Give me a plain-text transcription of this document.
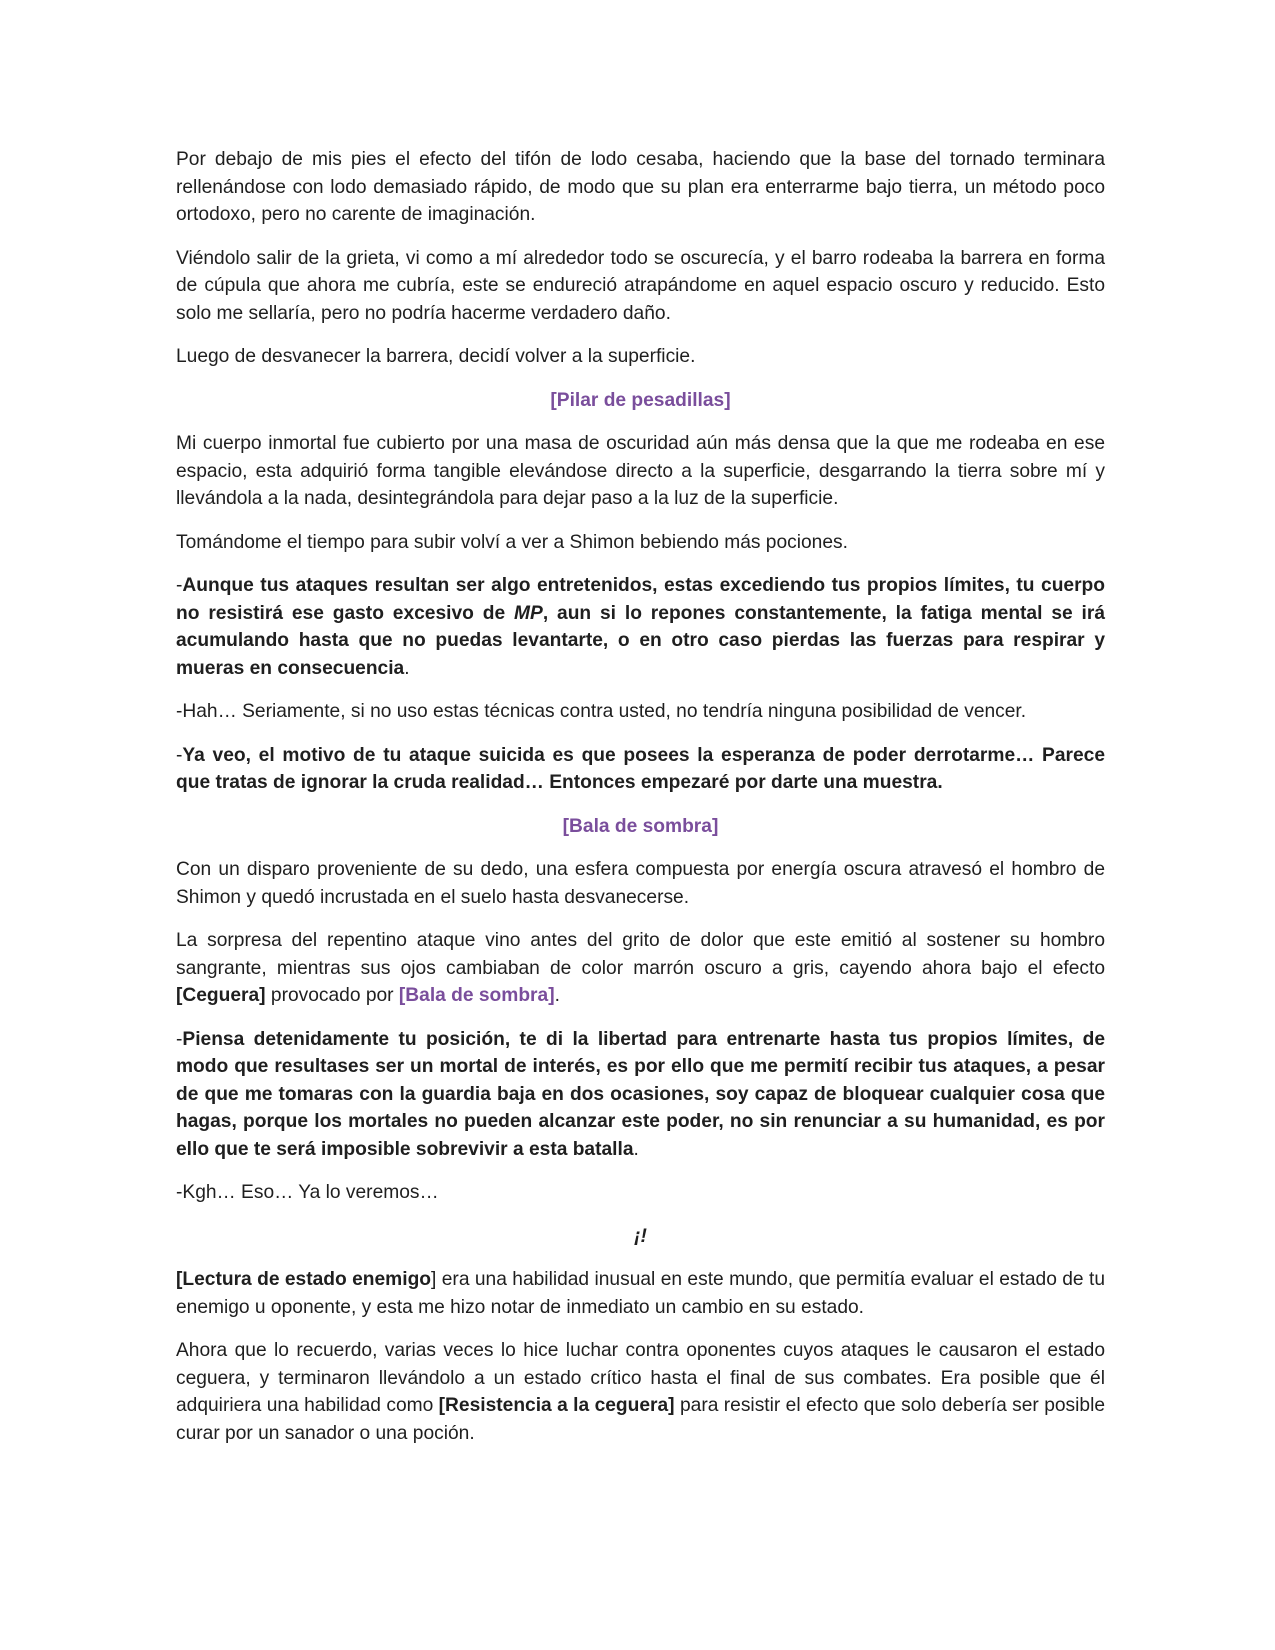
Por debajo de mis pies el efecto del tifón de lodo cesaba, haciendo que la base del tornado terminara rellenándose con lodo demasiado rápido, de modo que su plan era enterrarme bajo tierra, un método poco ortodoxo, pero no carente de imaginación.

Viéndolo salir de la grieta, vi como a mí alrededor todo se oscurecía, y el barro rodeaba la barrera en forma de cúpula que ahora me cubría, este se endureció atrapándome en aquel espacio oscuro y reducido. Esto solo me sellaría, pero no podría hacerme verdadero daño.

Luego de desvanecer la barrera, decidí volver a la superficie.

[Pilar de pesadillas]

Mi cuerpo inmortal fue cubierto por una masa de oscuridad aún más densa que la que me rodeaba en ese espacio, esta adquirió forma tangible elevándose directo a la superficie, desgarrando la tierra sobre mí y llevándola a la nada, desintegrándola para dejar paso a la luz de la superficie.

Tomándome el tiempo para subir volví a ver a Shimon bebiendo más pociones.

-Aunque tus ataques resultan ser algo entretenidos, estas excediendo tus propios límites, tu cuerpo no resistirá ese gasto excesivo de MP, aun si lo repones constantemente, la fatiga mental se irá acumulando hasta que no puedas levantarte, o en otro caso pierdas las fuerzas para respirar y mueras en consecuencia.

-Hah… Seriamente, si no uso estas técnicas contra usted, no tendría ninguna posibilidad de vencer.

-Ya veo, el motivo de tu ataque suicida es que posees la esperanza de poder derrotarme… Parece que tratas de ignorar la cruda realidad… Entonces empezaré por darte una muestra.

[Bala de sombra]

Con un disparo proveniente de su dedo, una esfera compuesta por energía oscura atravesó el hombro de Shimon y quedó incrustada en el suelo hasta desvanecerse.

La sorpresa del repentino ataque vino antes del grito de dolor que este emitió al sostener su hombro sangrante, mientras sus ojos cambiaban de color marrón oscuro a gris, cayendo ahora bajo el efecto [Ceguera] provocado por [Bala de sombra].

-Piensa detenidamente tu posición, te di la libertad para entrenarte hasta tus propios límites, de modo que resultases ser un mortal de interés, es por ello que me permití recibir tus ataques, a pesar de que me tomaras con la guardia baja en dos ocasiones, soy capaz de bloquear cualquier cosa que hagas, porque los mortales no pueden alcanzar este poder, no sin renunciar a su humanidad, es por ello que te será imposible sobrevivir a esta batalla.

-Kgh… Eso… Ya lo veremos…

¡!

[Lectura de estado enemigo] era una habilidad inusual en este mundo, que permitía evaluar el estado de tu enemigo u oponente, y esta me hizo notar de inmediato un cambio en su estado.

Ahora que lo recuerdo, varias veces lo hice luchar contra oponentes cuyos ataques le causaron el estado ceguera, y terminaron llevándolo a un estado crítico hasta el final de sus combates. Era posible que él adquiriera una habilidad como [Resistencia a la ceguera] para resistir el efecto que solo debería ser posible curar por un sanador o una poción.
